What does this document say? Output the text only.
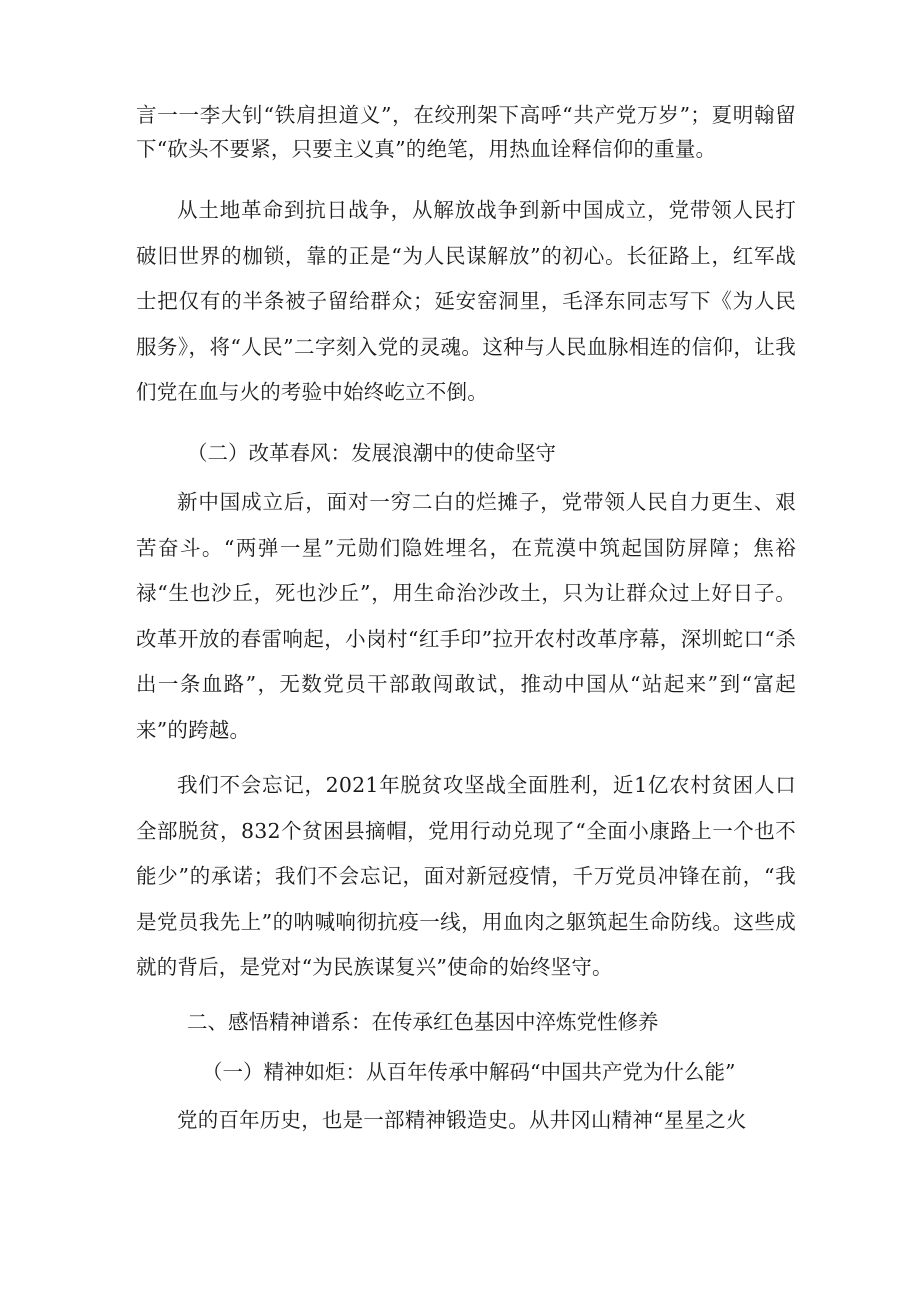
言一一李大钊“铁肩担道义”，在绞刑架下高呼“共产党万岁”；夏明翰留下“砍头不要紧，只要主义真”的绝笔，用热血诠释信仰的重量。

从土地革命到抗日战争，从解放战争到新中国成立，党带领人民打破旧世界的枷锁，靠的正是“为人民谋解放”的初心。长征路上，红军战士把仅有的半条被子留给群众；延安窑洞里，毛泽东同志写下《为人民服务》，将“人民”二字刻入党的灵魂。这种与人民血脉相连的信仰，让我们党在血与火的考验中始终屹立不倒。

（二）改革春风：发展浪潮中的使命坚守

新中国成立后，面对一穷二白的烂摊子，党带领人民自力更生、艰苦奋斗。“两弹一星”元勋们隐姓埋名，在荒漠中筑起国防屏障；焦裕禄“生也沙丘，死也沙丘”，用生命治沙改土，只为让群众过上好日子。改革开放的春雷响起，小岗村“红手印”拉开农村改革序幕，深圳蛇口“杀出一条血路”，无数党员干部敢闯敢试，推动中国从“站起来”到“富起来”的跨越。

我们不会忘记，2021年脱贫攻坚战全面胜利，近1亿农村贫困人口全部脱贫，832个贫困县摘帽，党用行动兑现了“全面小康路上一个也不能少”的承诺；我们不会忘记，面对新冠疫情，千万党员冲锋在前，“我是党员我先上”的呐喊响彻抗疫一线，用血肉之躯筑起生命防线。这些成就的背后，是党对“为民族谋复兴”使命的始终坚守。

二、感悟精神谱系：在传承红色基因中淬炼党性修养

（一）精神如炬：从百年传承中解码“中国共产党为什么能”

党的百年历史，也是一部精神锻造史。从井冈山精神“星星之火
